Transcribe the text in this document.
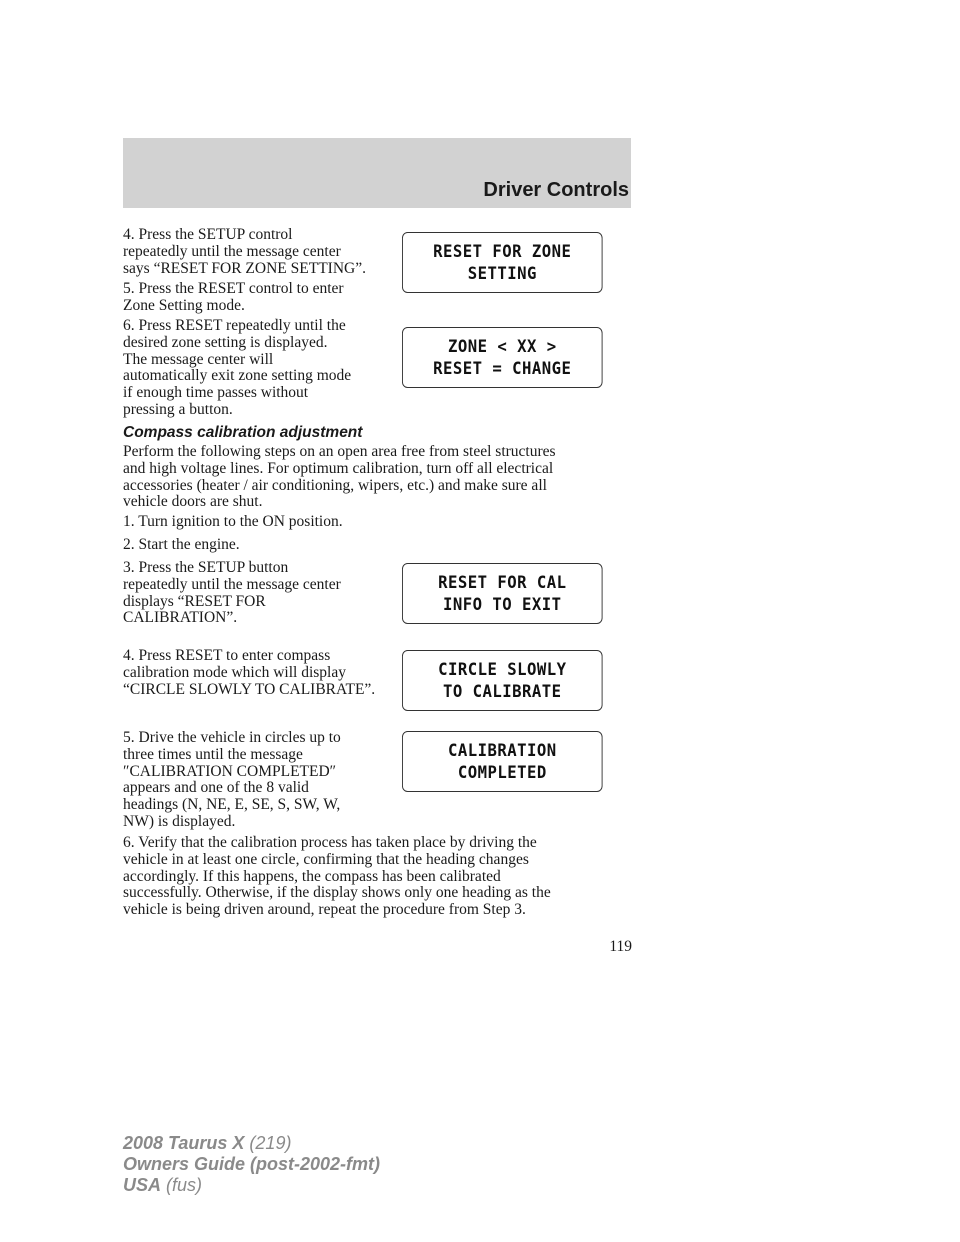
Driver Controls

4. Press the SETUP control
repeatedly until the message center
says “RESET FOR ZONE SETTING”.

5. Press the RESET control to enter
Zone Setting mode.

6. Press RESET repeatedly until the
desired zone setting is displayed.
The message center will
automatically exit zone setting mode
if enough time passes without
pressing a button.

RESET FOR ZONE
SETTING
ZONE < XX >
RESET = CHANGE
Compass calibration adjustment

Perform the following steps on an open area free from steel structures
and high voltage lines. For optimum calibration, turn off all electrical
accessories (heater / air conditioning, wipers, etc.) and make sure all
vehicle doors are shut.

1. Turn ignition to the ON position.

2. Start the engine.

3. Press the SETUP button
repeatedly until the message center
displays “RESET FOR
CALIBRATION”.

4. Press RESET to enter compass
calibration mode which will display
“CIRCLE SLOWLY TO CALIBRATE”.

5. Drive the vehicle in circles up to
three times until the message
″CALIBRATION COMPLETED″
appears and one of the 8 valid
headings (N, NE, E, SE, S, SW, W,
NW) is displayed.

6. Verify that the calibration process has taken place by driving the
vehicle in at least one circle, confirming that the heading changes
accordingly. If this happens, the compass has been calibrated
successfully. Otherwise, if the display shows only one heading as the
vehicle is being driven around, repeat the procedure from Step 3.

RESET FOR CAL
INFO TO EXIT
CIRCLE SLOWLY
TO CALIBRATE
CALIBRATION
COMPLETED
119
2008 Taurus X (219)
Owners Guide (post-2002-fmt)
USA (fus)
